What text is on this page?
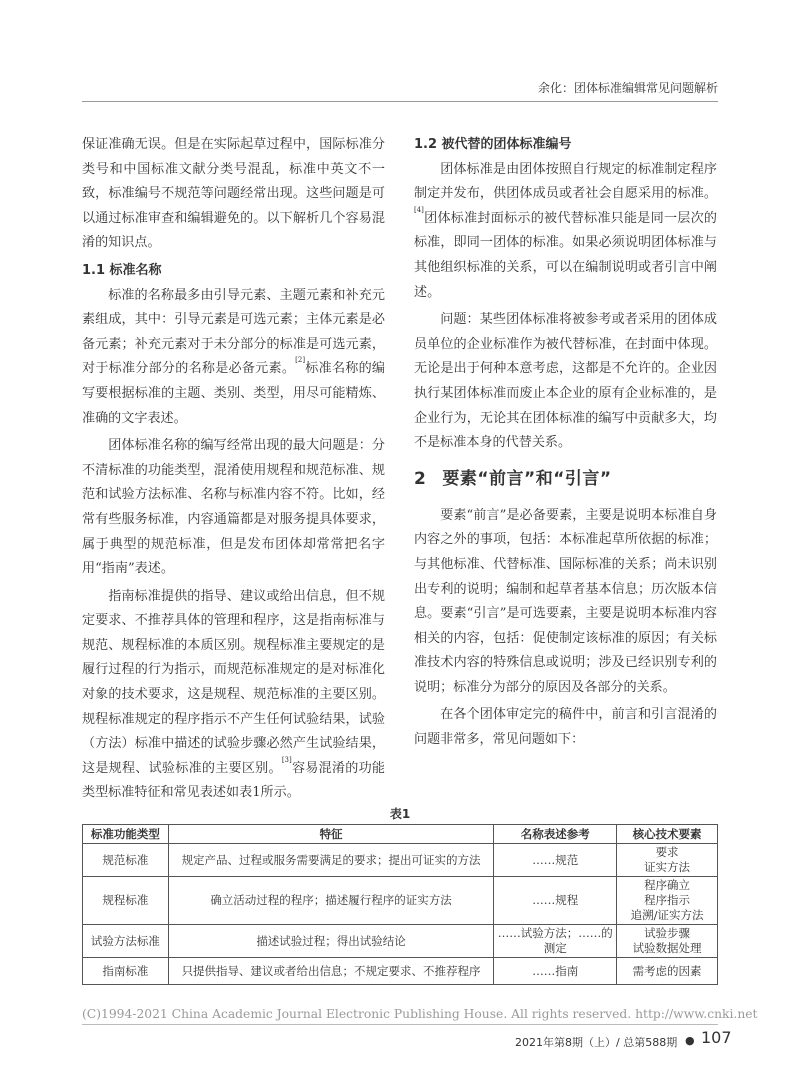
余化：团体标准编辑常见问题解析

保证准确无误。但是在实际起草过程中，国际标准分类号和中国标准文献分类号混乱，标准中英文不一致，标准编号不规范等问题经常出现。这些问题是可以通过标准审查和编辑避免的。以下解析几个容易混淆的知识点。

1.1 标准名称

标准的名称最多由引导元素、主题元素和补充元素组成，其中：引导元素是可选元素；主体元素是必备元素；补充元素对于未分部分的标准是可选元素，对于标准分部分的名称是必备元素。[2]标准名称的编写要根据标准的主题、类别、类型，用尽可能精炼、准确的文字表述。

团体标准名称的编写经常出现的最大问题是：分不清标准的功能类型，混淆使用规程和规范标准、规范和试验方法标准、名称与标准内容不符。比如，经常有些服务标准，内容通篇都是对服务提具体要求，属于典型的规范标准，但是发布团体却常常把名字用“指南”表述。

指南标准提供的指导、建议或给出信息，但不规定要求、不推荐具体的管理和程序，这是指南标准与规范、规程标准的本质区别。规程标准主要规定的是履行过程的行为指示，而规范标准规定的是对标准化对象的技术要求，这是规程、规范标准的主要区别。规程标准规定的程序指示不产生任何试验结果，试验（方法）标准中描述的试验步骤必然产生试验结果，这是规程、试验标准的主要区别。[3]容易混淆的功能类型标准特征和常见表述如表1所示。

1.2 被代替的团体标准编号

团体标准是由团体按照自行规定的标准制定程序制定并发布，供团体成员或者社会自愿采用的标准。[4]团体标准封面标示的被代替标准只能是同一层次的标准，即同一团体的标准。如果必须说明团体标准与其他组织标准的关系，可以在编制说明或者引言中阐述。

问题：某些团体标准将被参考或者采用的团体成员单位的企业标准作为被代替标准，在封面中体现。无论是出于何种本意考虑，这都是不允许的。企业因执行某团体标准而废止本企业的原有企业标准的，是企业行为，无论其在团体标准的编写中贡献多大，均不是标准本身的代替关系。

2 要素“前言”和“引言”

要素“前言”是必备要素，主要是说明本标准自身内容之外的事项，包括：本标准起草所依据的标准；与其他标准、代替标准、国际标准的关系；尚未识别出专利的说明；编制和起草者基本信息；历次版本信息。要素“引言”是可选要素，主要是说明本标准内容相关的内容，包括：促使制定该标准的原因；有关标准技术内容的特殊信息或说明；涉及已经识别专利的说明；标准分为部分的原因及各部分的关系。

在各个团体审定完的稿件中，前言和引言混淆的问题非常多，常见问题如下：

表1
标准功能类型	特征	名称表述参考	核心技术要素
规范标准	规定产品、过程或服务需要满足的要求；提出可证实的方法	……规范	要求
证实方法

规程标准	确立活动过程的程序；描述履行程序的证实方法	……规程	程序确立
程序指示
追溯/证实方法

试验方法标准	描述试验过程；得出试验结论	……试验方法；……的测定	试验步骤
试验数据处理

指南标准	只提供指导、建议或者给出信息；不规定要求、不推荐程序	……指南	需考虑的因素
(C)1994-2021 China Academic Journal Electronic Publishing House. All rights reserved. http://www.cnki.net
2021年第8期（上）/ 总第588期 ● 107
